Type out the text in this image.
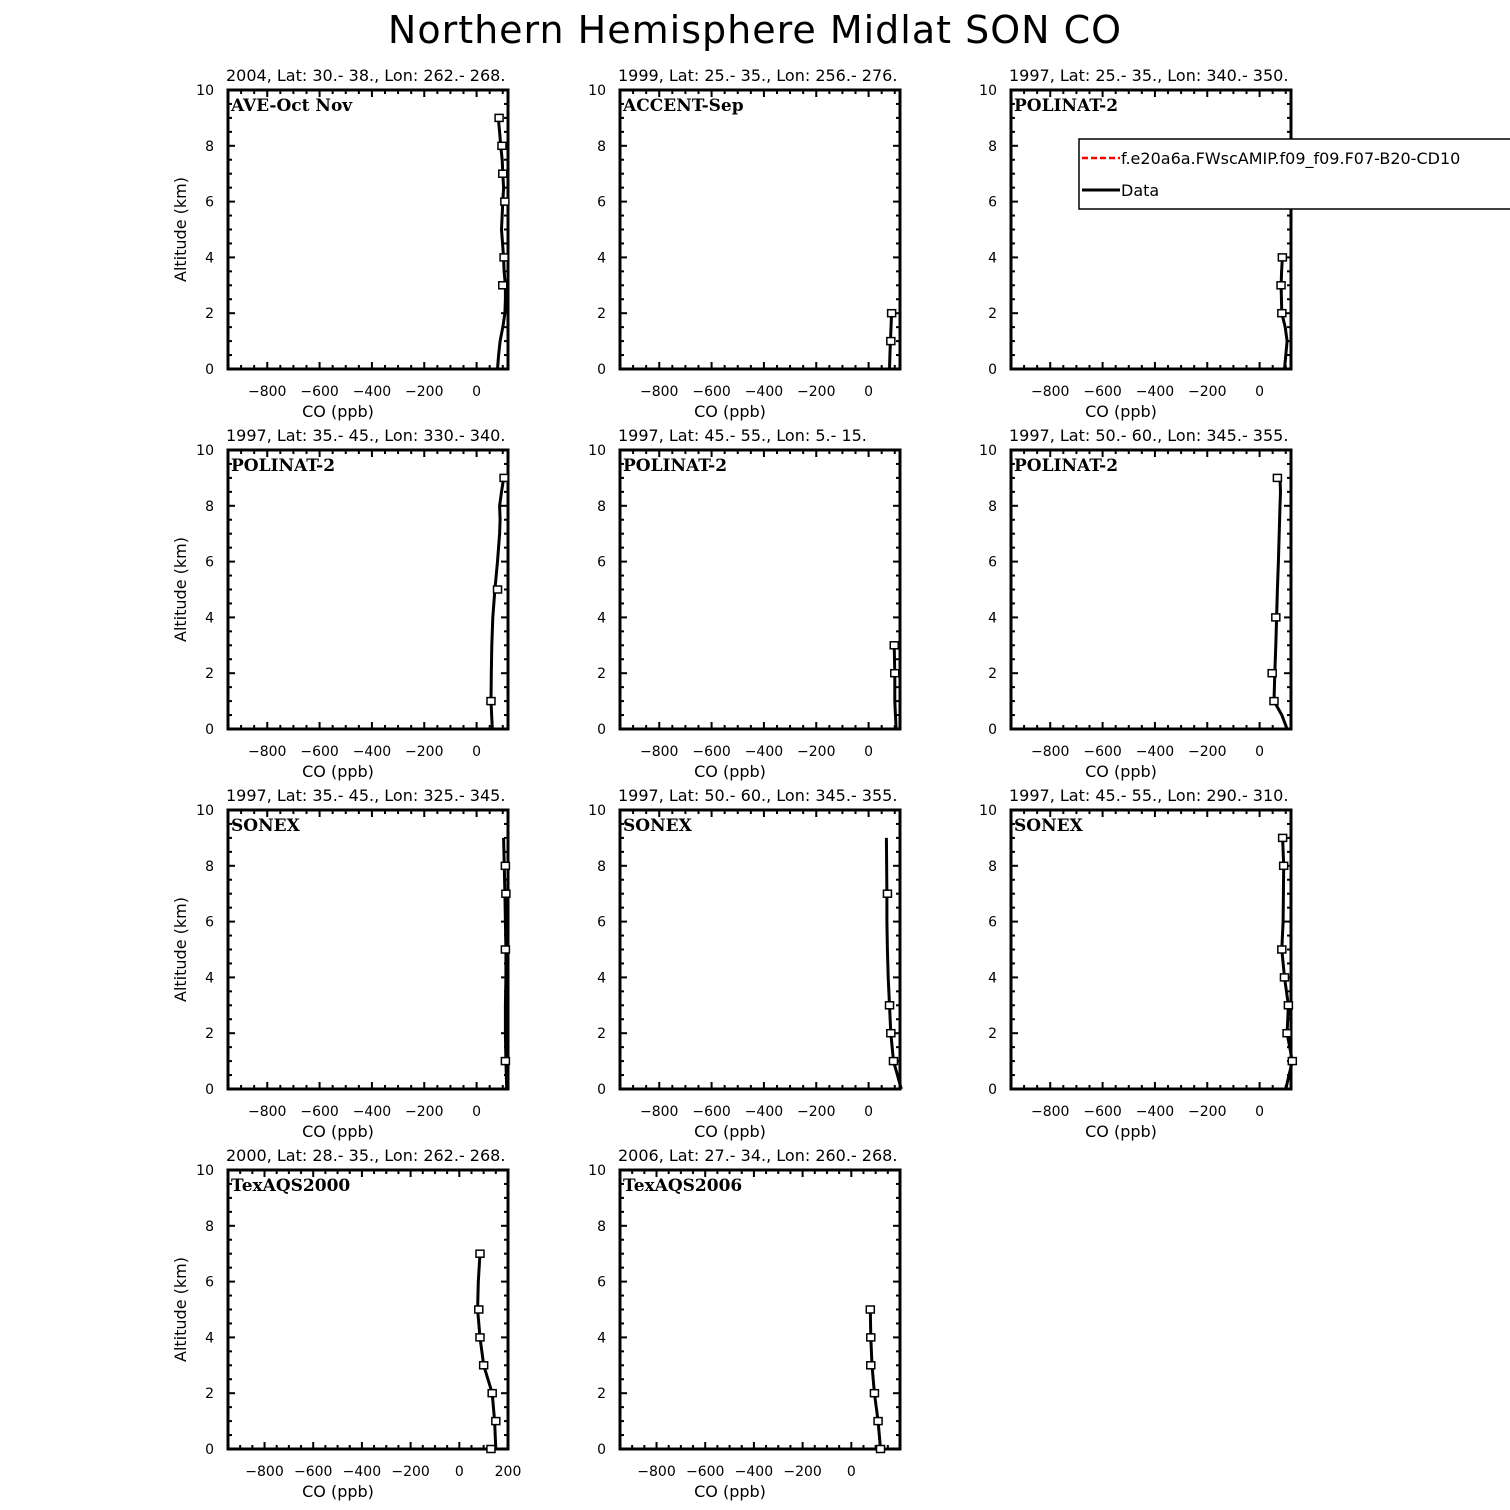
Northern Hemisphere Midlat SON CO
0
2
4
6
8
10
−800 −600 −400 −200 0
CO (ppb)
Altitude (km)
2004, Lat: 30.- 38., Lon: 262.- 268.
AVE-Oct Nov
0
2
4
6
8
10
−800 −600 −400 −200 0
CO (ppb)
1999, Lat: 25.- 35., Lon: 256.- 276.
ACCENT-Sep
0
2
4
6
8
10
−800 −600 −400 −200 0
CO (ppb)
1997, Lat: 25.- 35., Lon: 340.- 350.
POLINAT-2
f.e20a6a.FWscAMIP.f09_f09.F07-B20-CD10
Data
0
2
4
6
8
10
−800 −600 −400 −200 0
CO (ppb)
Altitude (km)
1997, Lat: 35.- 45., Lon: 330.- 340.
POLINAT-2
0
2
4
6
8
10
−800 −600 −400 −200 0
CO (ppb)
1997, Lat: 45.- 55., Lon: 5.- 15.
POLINAT-2
0
2
4
6
8
10
−800 −600 −400 −200 0
CO (ppb)
1997, Lat: 50.- 60., Lon: 345.- 355.
POLINAT-2
0
2
4
6
8
10
−800 −600 −400 −200 0
CO (ppb)
Altitude (km)
1997, Lat: 35.- 45., Lon: 325.- 345.
SONEX
0
2
4
6
8
10
−800 −600 −400 −200 0
CO (ppb)
1997, Lat: 50.- 60., Lon: 345.- 355.
SONEX
0
2
4
6
8
10
−800 −600 −400 −200 0
CO (ppb)
1997, Lat: 45.- 55., Lon: 290.- 310.
SONEX
0
2
4
6
8
10
−800 −600 −400 −200 0 200
CO (ppb)
Altitude (km)
2000, Lat: 28.- 35., Lon: 262.- 268.
TexAQS2000
0
2
4
6
8
10
−800 −600 −400 −200 0
CO (ppb)
2006, Lat: 27.- 34., Lon: 260.- 268.
TexAQS2006
